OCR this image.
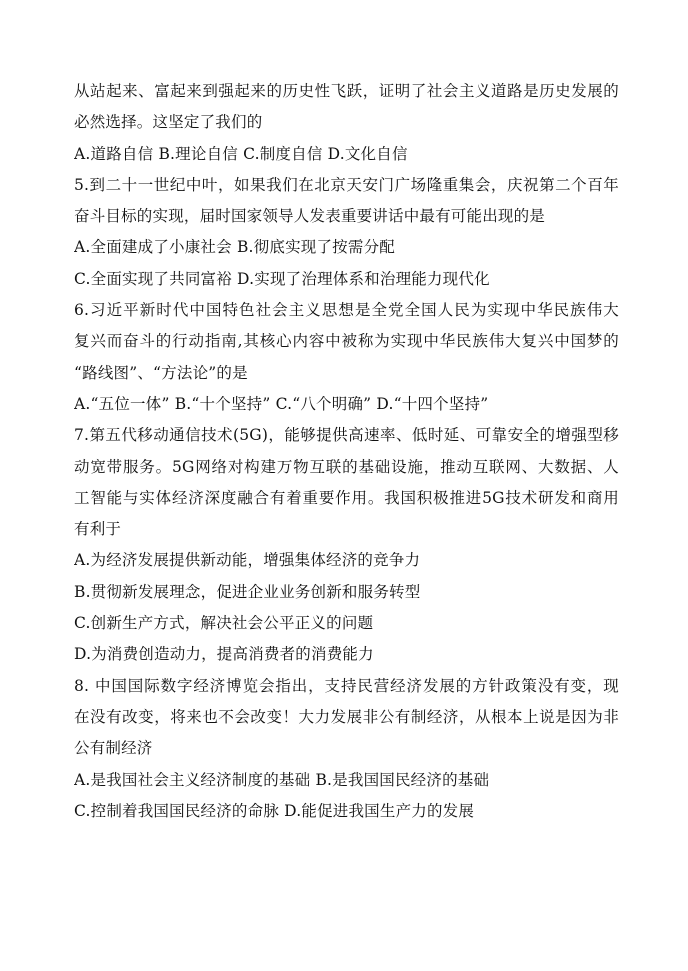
从站起来、富起来到强起来的历史性飞跃，证明了社会主义道路是历史发展的
必然选择。这坚定了我们的
A.道路自信 B.理论自信 C.制度自信 D.文化自信
5.到二十一世纪中叶，如果我们在北京天安门广场隆重集会，庆祝第二个百年
奋斗目标的实现，届时国家领导人发表重要讲话中最有可能出现的是
A.全面建成了小康社会 B.彻底实现了按需分配
C.全面实现了共同富裕 D.实现了治理体系和治理能力现代化
6.习近平新时代中国特色社会主义思想是全党全国人民为实现中华民族伟大
复兴而奋斗的行动指南,其核心内容中被称为实现中华民族伟大复兴中国梦的
“路线图”、“方法论”的是
A.“五位一体” B.“十个坚持” C.“八个明确” D.“十四个坚持”
7.第五代移动通信技术(5G)，能够提供高速率、低时延、可靠安全的增强型移
动宽带服务。5G网络对构建万物互联的基础设施，推动互联网、大数据、人
工智能与实体经济深度融合有着重要作用。我国积极推进5G技术研发和商用
有利于
A.为经济发展提供新动能，增强集体经济的竞争力
B.贯彻新发展理念，促进企业业务创新和服务转型
C.创新生产方式，解决社会公平正义的问题
D.为消费创造动力，提高消费者的消费能力
8. 中国国际数字经济博览会指出，支持民营经济发展的方针政策没有变，现
在没有改变，将来也不会改变！大力发展非公有制经济，从根本上说是因为非
公有制经济
A.是我国社会主义经济制度的基础 B.是我国国民经济的基础
C.控制着我国国民经济的命脉 D.能促进我国生产力的发展
